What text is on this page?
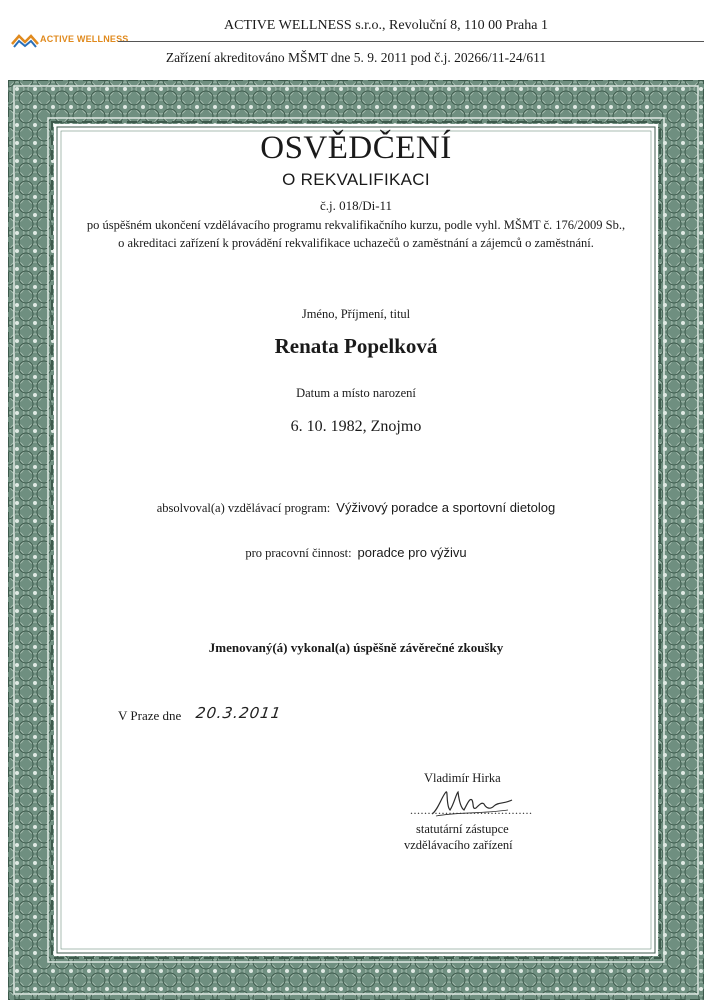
ACTIVE WELLNESS s.r.o., Revoluční 8, 110 00 Praha 1
ACTIVE WELLNESS
Zařízení akreditováno MŠMT dne 5. 9. 2011 pod č.j. 20266/11-24/611
OSVĚDČENÍ
O REKVALIFIKACI
č.j. 018/Di-11
po úspěšném ukončení vzdělávacího programu rekvalifikačního kurzu, podle vyhl. MŠMT č. 176/2009 Sb.,
o akreditaci zařízení k provádění rekvalifikace uchazečů o zaměstnání a zájemců o zaměstnání.
Jméno, Příjmení, titul
Renata Popelková
Datum a místo narození
6. 10. 1982, Znojmo
absolvoval(a) vzdělávací program: Výživový poradce a sportovní dietolog
pro pracovní činnost: poradce pro výživu
Jmenovaný(á) vykonal(a) úspěšně závěrečné zkoušky
V Praze dne 20.3.2011
Vladimír Hirka
...................................
statutární zástupce
vzdělávacího zařízení
